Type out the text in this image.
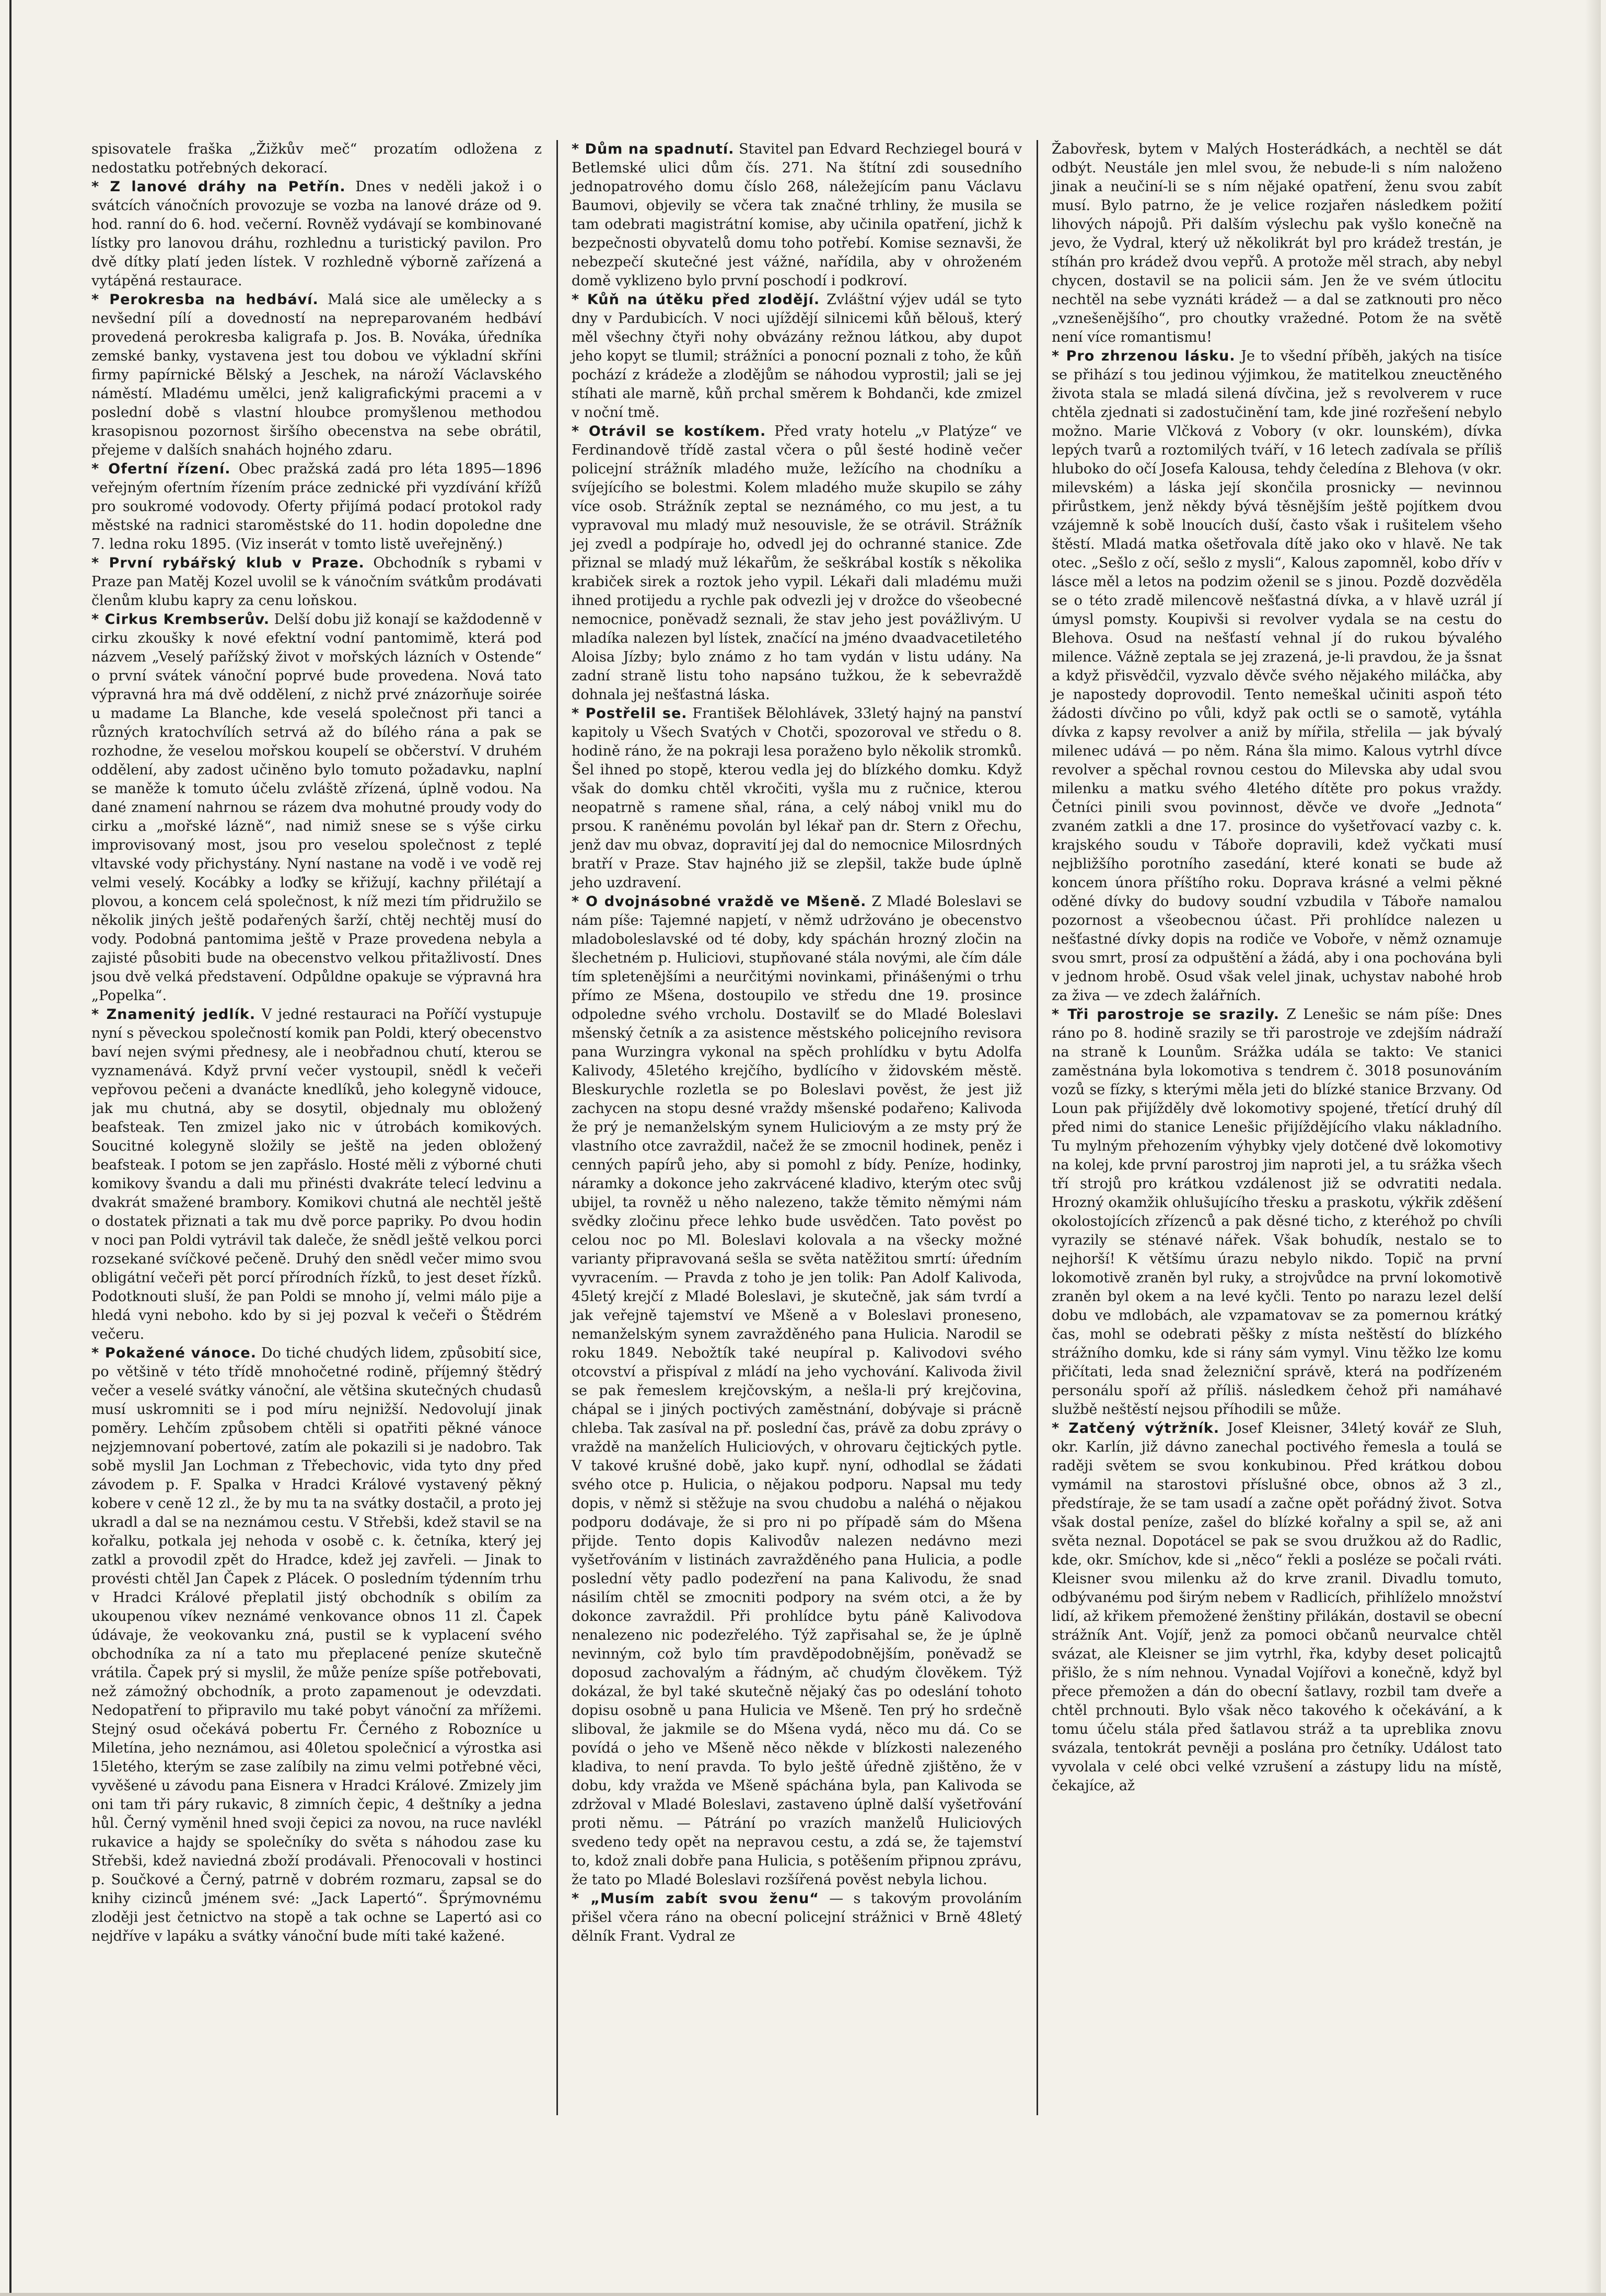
spisovatele fraška „Žižkův meč“ prozatím odložena z nedostatku potřebných dekorací.

* Z lanové dráhy na Petřín. Dnes v neděli jakož i o svátcích vánočních provozuje se vozba na lanové dráze od 9. hod. ranní do 6. hod. večerní. Rovněž vydávají se kombinované lístky pro lanovou dráhu, rozhlednu a turistický pavilon. Pro dvě dítky platí jeden lístek. V rozhledně výborně zařízená a vytápěná restaurace.

* Perokresba na hedbáví. Malá sice ale umělecky a s nevšední pílí a dovedností na nepreparovaném hedbáví provedená perokresba kaligrafa p. Jos. B. Nováka, úředníka zemské banky, vystavena jest tou dobou ve výkladní skříni firmy papírnické Bělský a Jeschek, na nároží Václavského náměstí. Mladému umělci, jenž kaligrafickými pracemi a v poslední době s vlastní hloubce promyšlenou methodou krasopisnou pozornost širšího obecenstva na sebe obrátil, přejeme v dalších snahách hojného zdaru.

* Ofertní řízení. Obec pražská zadá pro léta 1895—1896 veřejným ofertním řízením práce zednické při vyzdívání křížů pro soukromé vodovody. Oferty přijímá podací protokol rady městské na radnici staroměstské do 11. hodin dopoledne dne 7. ledna roku 1895. (Viz inserát v tomto listě uveřejněný.)

* První rybářský klub v Praze. Obchodník s rybami v Praze pan Matěj Kozel uvolil se k vánočním svátkům prodávati členům klubu kapry za cenu loňskou.

* Cirkus Krembserův. Delší dobu již konají se každodenně v cirku zkoušky k nové efektní vodní pantomimě, která pod názvem „Veselý pařížský život v mořských lázních v Ostende“ o první svátek vánoční poprvé bude provedena. Nová tato výpravná hra má dvě oddělení, z nichž prvé znázorňuje soirée u madame La Blanche, kde veselá společnost při tanci a různých kratochvílích setrvá až do bílého rána a pak se rozhodne, že veselou mořskou koupelí se občerství. V druhém oddělení, aby zadost učiněno bylo tomuto požadavku, naplní se maněže k tomuto účelu zvláště zřízená, úplně vodou. Na dané znamení nahrnou se rázem dva mohutné proudy vody do cirku a „mořské lázně“, nad nimiž snese se s výše cirku improvisovaný most, jsou pro veselou společnost z teplé vltavské vody přichystány. Nyní nastane na vodě i ve vodě rej velmi veselý. Kocábky a loďky se křižují, kachny přilétají a plovou, a koncem celá společnost, k níž mezi tím přidružilo se několik jiných ještě podařených šarží, chtěj nechtěj musí do vody. Podobná pantomima ještě v Praze provedena nebyla a zajisté působiti bude na obecenstvo velkou přitažlivostí. Dnes jsou dvě velká představení. Odpůldne opakuje se výpravná hra „Popelka“.

* Znamenitý jedlík. V jedné restauraci na Poříčí vystupuje nyní s pěveckou společností komik pan Poldi, který obecenstvo baví nejen svými přednesy, ale i neobřadnou chutí, kterou se vyznamenává. Když první večer vystoupil, snědl k večeři vepřovou pečeni a dvanácte knedlíků, jeho kolegyně vidouce, jak mu chutná, aby se dosytil, objednaly mu obložený beafsteak. Ten zmizel jako nic v útrobách komikových. Soucitné kolegyně složily se ještě na jeden obložený beafsteak. I potom se jen zapřáslo. Hosté měli z výborné chuti komikovy švandu a dali mu přinésti dvakráte telecí ledvinu a dvakrát smažené brambory. Komikovi chutná ale nechtěl ještě o dostatek přiznati a tak mu dvě porce papriky. Po dvou hodin v noci pan Poldi vytrávil tak daleče, že snědl ještě velkou porci rozsekané svíčkové pečeně. Druhý den snědl večer mimo svou obligátní večeři pět porcí přírodních řízků, to jest deset řízků. Podotknouti sluší, že pan Poldi se mnoho jí, velmi málo pije a hledá vyni neboho. kdo by si jej pozval k večeři o Štědrém večeru.

* Pokažené vánoce. Do tiché chudých lidem, způsobití sice, po většině v této třídě mnohočetné rodině, příjemný štědrý večer a veselé svátky vánoční, ale většina skutečných chudasů musí uskromniti se i pod míru nejnižší. Nedovolují jinak poměry. Lehčím způsobem chtěli si opatřiti pěkné vánoce nejzjemnovaní pobertové, zatím ale pokazili si je nadobro. Tak sobě myslil Jan Lochman z Třebechovic, vida tyto dny před závodem p. F. Spalka v Hradci Králové vystavený pěkný kobere v ceně 12 zl., že by mu ta na svátky dostačil, a proto jej ukradl a dal se na neznámou cestu. V Střebši, kdež stavil se na kořalku, potkala jej nehoda v osobě c. k. četníka, který jej zatkl a provodil zpět do Hradce, kdež jej zavřeli. — Jinak to provésti chtěl Jan Čapek z Plácek. O posledním týdenním trhu v Hradci Králové přeplatil jistý obchodník s obilím za ukoupenou víkev neznámé venkovance obnos 11 zl. Čapek údávaje, že veokovanku zná, pustil se k vyplacení svého obchodníka za ní a tato mu přeplacené peníze skutečně vrátila. Čapek prý si myslil, že může peníze spíše potřebovati, než zámožný obchodník, a proto zapamenout je odevzdati. Nedopatření to připravilo mu také pobyt vánoční za mřížemi. Stejný osud očekává pobertu Fr. Černého z Robozníce u Miletína, jeho neznámou, asi 40letou společnicí a výrostka asi 15letého, kterým se zase zalíbily na zimu velmi potřebné věci, vyvěšené u závodu pana Eisnera v Hradci Králové. Zmizely jim oni tam tři páry rukavic, 8 zimních čepic, 4 deštníky a jedna hůl. Černý vyměnil hned svoji čepici za novou, na ruce navlékl rukavice a hajdy se společníky do světa s náhodou zase ku Střebši, kdež naviedná zboží prodávali. Přenocovali v hostinci p. Součkové a Černý, patrně v dobrém rozmaru, zapsal se do knihy cizinců jménem své: „Jack Lapertó“. Šprýmovnému zloději jest četnictvo na stopě a tak ochne se Lapertó asi co nejdříve v lapáku a svátky vánoční bude míti také kažené.

* Dům na spadnutí. Stavitel pan Edvard Rechziegel bourá v Betlemské ulici dům čís. 271. Na štítní zdi sousedního jednopatrového domu číslo 268, náležejícím panu Václavu Baumovi, objevily se včera tak značné trhliny, že musila se tam odebrati magistrátní komise, aby učinila opatření, jichž k bezpečnosti obyvatelů domu toho potřebí. Komise seznavši, že nebezpečí skutečné jest vážné, nařídila, aby v ohroženém domě vyklizeno bylo první poschodí i podkroví.

* Kůň na útěku před zlodějí. Zvláštní výjev udál se tyto dny v Pardubicích. V noci ujíždějí silnicemi kůň bělouš, který měl všechny čtyři nohy obvázány režnou látkou, aby dupot jeho kopyt se tlumil; strážníci a ponocní poznali z toho, že kůň pochází z krádeže a zlodějům se náhodou vyprostil; jali se jej stíhati ale marně, kůň prchal směrem k Bohdanči, kde zmizel v noční tmě.

* Otrávil se kostíkem. Před vraty hotelu „v Platýze“ ve Ferdinandově třídě zastal včera o půl šesté hodině večer policejní strážník mladého muže, ležícího na chodníku a svíjejícího se bolestmi. Kolem mladého muže skupilo se záhy více osob. Strážník zeptal se neznámého, co mu jest, a tu vypravoval mu mladý muž nesouvisle, že se otrávil. Strážník jej zvedl a podpíraje ho, odvedl jej do ochranné stanice. Zde přiznal se mladý muž lékařům, že seškrábal kostík s několika krabiček sirek a roztok jeho vypil. Lékaři dali mladému muži ihned protijedu a rychle pak odvezli jej v drožce do všeobecné nemocnice, poněvadž seznali, že stav jeho jest povážlivým. U mladíka nalezen byl lístek, značící na jméno dvaadvacetiletého Aloisa Jízby; bylo známo z ho tam vydán v listu udány. Na zadní straně listu toho napsáno tužkou, že k sebevraždě dohnala jej nešťastná láska.

* Postřelil se. František Bělohlávek, 33letý hajný na panství kapitoly u Všech Svatých v Chotči, spozoroval ve středu o 8. hodině ráno, že na pokraji lesa poraženo bylo několik stromků. Šel ihned po stopě, kterou vedla jej do blízkého domku. Když však do domku chtěl vkročiti, vyšla mu z ručnice, kterou neopatrně s ramene sňal, rána, a celý náboj vnikl mu do prsou. K raněnému povolán byl lékař pan dr. Stern z Ořechu, jenž dav mu obvaz, dopravití jej dal do nemocnice Milosrdných bratří v Praze. Stav hajného již se zlepšil, takže bude úplně jeho uzdravení.

* O dvojnásobné vraždě ve Mšeně. Z Mladé Boleslavi se nám píše: Tajemné napjetí, v němž udržováno je obecenstvo mladoboleslavské od té doby, kdy spáchán hrozný zločin na šlechetném p. Huliciovi, stupňované stála novými, ale čím dále tím spletenějšími a neurčitými novinkami, přinášenými o trhu přímo ze Mšena, dostoupilo ve středu dne 19. prosince odpoledne svého vrcholu. Dostavilť se do Mladé Boleslavi mšenský četník a za asistence městského policejního revisora pana Wurzingra vykonal na spěch prohlídku v bytu Adolfa Kalivody, 45letého krejčího, bydlícího v židovském městě. Bleskurychle rozletla se po Boleslavi pověst, že jest již zachycen na stopu desné vraždy mšenské podařeno; Kalivoda že prý je nemanželským synem Huliciovým a ze msty prý že vlastního otce zavraždil, načež že se zmocnil hodinek, peněz i cenných papírů jeho, aby si pomohl z bídy. Peníze, hodinky, náramky a dokonce jeho zakrvácené kladivo, kterým otec svůj ubijel, ta rovněž u něho nalezeno, takže těmito němými nám svědky zločinu přece lehko bude usvědčen. Tato pověst po celou noc po Ml. Boleslavi kolovala a na všecky možné varianty připravovaná sešla se světa natěžitou smrtí: úředním vyvracením. — Pravda z toho je jen tolik: Pan Adolf Kalivoda, 45letý krejčí z Mladé Boleslavi, je skutečně, jak sám tvrdí a jak veřejně tajemství ve Mšeně a v Boleslavi proneseno, nemanželským synem zavražděného pana Hulicia. Narodil se roku 1849. Nebožtík také neupíral p. Kalivodovi svého otcovství a přispíval z mládí na jeho vychování. Kalivoda živil se pak řemeslem krejčovským, a nešla-li prý krejčovina, chápal se i jiných poctivých zaměstnání, dobývaje si prácně chleba. Tak zasíval na př. poslední čas, právě za dobu zprávy o vraždě na manželích Huliciových, v ohrovaru čejtických pytle. V takové krušné době, jako kupř. nyní, odhodlal se žádati svého otce p. Hulicia, o nějakou podporu. Napsal mu tedy dopis, v němž si stěžuje na svou chudobu a naléhá o nějakou podporu dodávaje, že si pro ni po případě sám do Mšena přijde. Tento dopis Kalivodův nalezen nedávno mezi vyšetřováním v listinách zavražděného pana Hulicia, a podle poslední věty padlo podezření na pana Kalivodu, že snad násilím chtěl se zmocniti podpory na svém otci, a že by dokonce zavraždil. Při prohlídce bytu páně Kalivodova nenalezeno nic podezřelého. Týž zapřisahal se, že je úplně nevinným, což bylo tím pravděpodobnějším, poněvadž se doposud zachovalým a řádným, ač chudým člověkem. Týž dokázal, že byl také skutečně nějaký čas po odeslání tohoto dopisu osobně u pana Hulicia ve Mšeně. Ten prý ho srdečně sliboval, že jakmile se do Mšena vydá, něco mu dá. Co se povídá o jeho ve Mšeně něco někde v blízkosti nalezeného kladiva, to není pravda. To bylo ještě úředně zjištěno, že v dobu, kdy vražda ve Mšeně spáchána byla, pan Kalivoda se zdržoval v Mladé Boleslavi, zastaveno úplně další vyšetřování proti němu. — Pátrání po vrazích manželů Huliciových svedeno tedy opět na nepravou cestu, a zdá se, že tajemství to, kdož znali dobře pana Hulicia, s potěšením připnou zprávu, že tato po Mladé Boleslavi rozšířená pověst nebyla lichou.

* „Musím zabít svou ženu“ — s takovým provoláním přišel včera ráno na obecní policejní strážnici v Brně 48letý dělník Frant. Vydral ze

Žabovřesk, bytem v Malých Hosterádkách, a nechtěl se dát odbýt. Neustále jen mlel svou, že nebude-li s ním naloženo jinak a neučiní-li se s ním nějaké opatření, ženu svou zabít musí. Bylo patrno, že je velice rozjařen následkem požití lihových nápojů. Při dalším výslechu pak vyšlo konečně na jevo, že Vydral, který už několikrát byl pro krádež trestán, je stíhán pro krádež dvou vepřů. A protože měl strach, aby nebyl chycen, dostavil se na policii sám. Jen že ve svém útlocitu nechtěl na sebe vyznáti krádež — a dal se zatknouti pro něco „vznešenějšího“, pro choutky vražedné. Potom že na světě není více romantismu!

* Pro zhrzenou lásku. Je to všední příběh, jakých na tisíce se přihází s tou jedinou výjimkou, že matitelkou zneuctěného života stala se mladá silená dívčina, jež s revolverem v ruce chtěla zjednati si zadostučinění tam, kde jiné rozřešení nebylo možno. Marie Vlčková z Vobory (v okr. lounském), dívka lepých tvarů a roztomilých tváří, v 16 letech zadívala se příliš hluboko do očí Josefa Kalousa, tehdy čeledína z Blehova (v okr. milevském) a láska její skončila prosnicky — nevinnou přirůstkem, jenž někdy bývá těsnějším ještě pojítkem dvou vzájemně k sobě lnoucích duší, často však i rušitelem všeho štěstí. Mladá matka ošetřovala dítě jako oko v hlavě. Ne tak otec. „Sešlo z očí, sešlo z mysli“, Kalous zapomněl, kobo dřív v lásce měl a letos na podzim oženil se s jinou. Pozdě dozvěděla se o této zradě milencově nešťastná dívka, a v hlavě uzrál jí úmysl pomsty. Koupivši si revolver vydala se na cestu do Blehova. Osud na nešťastí vehnal jí do rukou bývalého milence. Vážně zeptala se jej zrazená, je-li pravdou, že ja šsnat a když přisvědčil, vyzvalo děvče svého nějakého miláčka, aby je napostedy doprovodil. Tento nemeškal učiniti aspoň této žádosti dívčino po vůli, když pak octli se o samotě, vytáhla dívka z kapsy revolver a aniž by mířila, střelila — jak bývalý milenec udává — po něm. Rána šla mimo. Kalous vytrhl dívce revolver a spěchal rovnou cestou do Milevska aby udal svou milenku a matku svého 4letého dítěte pro pokus vraždy. Četníci pinili svou povinnost, děvče ve dvoře „Jednota“ zvaném zatkli a dne 17. prosince do vyšetřovací vazby c. k. krajského soudu v Táboře dopravili, kdež vyčkati musí nejbližšího porotního zasedání, které konati se bude až koncem února příštího roku. Doprava krásné a velmi pěkné oděné dívky do budovy soudní vzbudila v Táboře namalou pozornost a všeobecnou účast. Při prohlídce nalezen u nešťastné dívky dopis na rodiče ve Voboře, v němž oznamuje svou smrt, prosí za odpuštění a žádá, aby i ona pochována byli v jednom hrobě. Osud však velel jinak, uchystav nabohé hrob za živa — ve zdech žalářních.

* Tři parostroje se srazily. Z Lenešic se nám píše: Dnes ráno po 8. hodině srazily se tři parostroje ve zdejším nádraží na straně k Lounům. Srážka udála se takto: Ve stanici zaměstnána byla lokomotiva s tendrem č. 3018 posunováním vozů se fízky, s kterými měla jeti do blízké stanice Brzvany. Od Loun pak přijížděly dvě lokomotivy spojené, třetící druhý díl před nimi do stanice Lenešic přijíždějícího vlaku nákladního. Tu mylným přehozením výhybky vjely dotčené dvě lokomotivy na kolej, kde první parostroj jim naproti jel, a tu srážka všech tří strojů pro krátkou vzdálenost již se odvratiti nedala. Hrozný okamžik ohlušujícího třesku a praskotu, výkřik zděšení okolostojících zřízenců a pak děsné ticho, z kteréhož po chvíli vyrazily se sténavé nářek. Však bohudík, nestalo se to nejhorší! K většímu úrazu nebylo nikdo. Topič na první lokomotivě zraněn byl ruky, a strojvůdce na první lokomotivě zraněn byl okem a na levé kyčli. Tento po narazu lezel delší dobu ve mdlobách, ale vzpamatovav se za pomernou krátký čas, mohl se odebrati pěšky z místa neštěstí do blízkého strážního domku, kde si rány sám vymyl. Vinu těžko lze komu přičítati, leda snad železniční správě, která na podřízeném personálu spoří až příliš. následkem čehož při namáhavé službě neštěstí nejsou příhodili se může.

* Zatčený výtržník. Josef Kleisner, 34letý kovář ze Sluh, okr. Karlín, již dávno zanechal poctivého řemesla a toulá se raději světem se svou konkubinou. Před krátkou dobou vymámil na starostovi příslušné obce, obnos až 3 zl., předstíraje, že se tam usadí a začne opět pořádný život. Sotva však dostal peníze, zašel do blízké kořalny a spil se, až ani světa neznal. Dopotácel se pak se svou družkou až do Radlic, kde, okr. Smíchov, kde si „něco“ řekli a posléze se počali rváti. Kleisner svou milenku až do krve zranil. Divadlu tomuto, odbývanému pod širým nebem v Radlicích, přihlíželo množství lidí, až křikem přemožené ženštiny přilákán, dostavil se obecní strážník Ant. Vojíř, jenž za pomoci občanů neurvalce chtěl svázat, ale Kleisner se jim vytrhl, řka, kdyby deset policajtů přišlo, že s ním nehnou. Vynadal Vojířovi a konečně, když byl přece přemožen a dán do obecní šatlavy, rozbil tam dveře a chtěl prchnouti. Bylo však něco takového k očekávání, a k tomu účelu stála před šatlavou stráž a ta upreblika znovu svázala, tentokrát pevněji a poslána pro četníky. Událost tato vyvolala v celé obci velké vzrušení a zástupy lidu na místě, čekajíce, až
